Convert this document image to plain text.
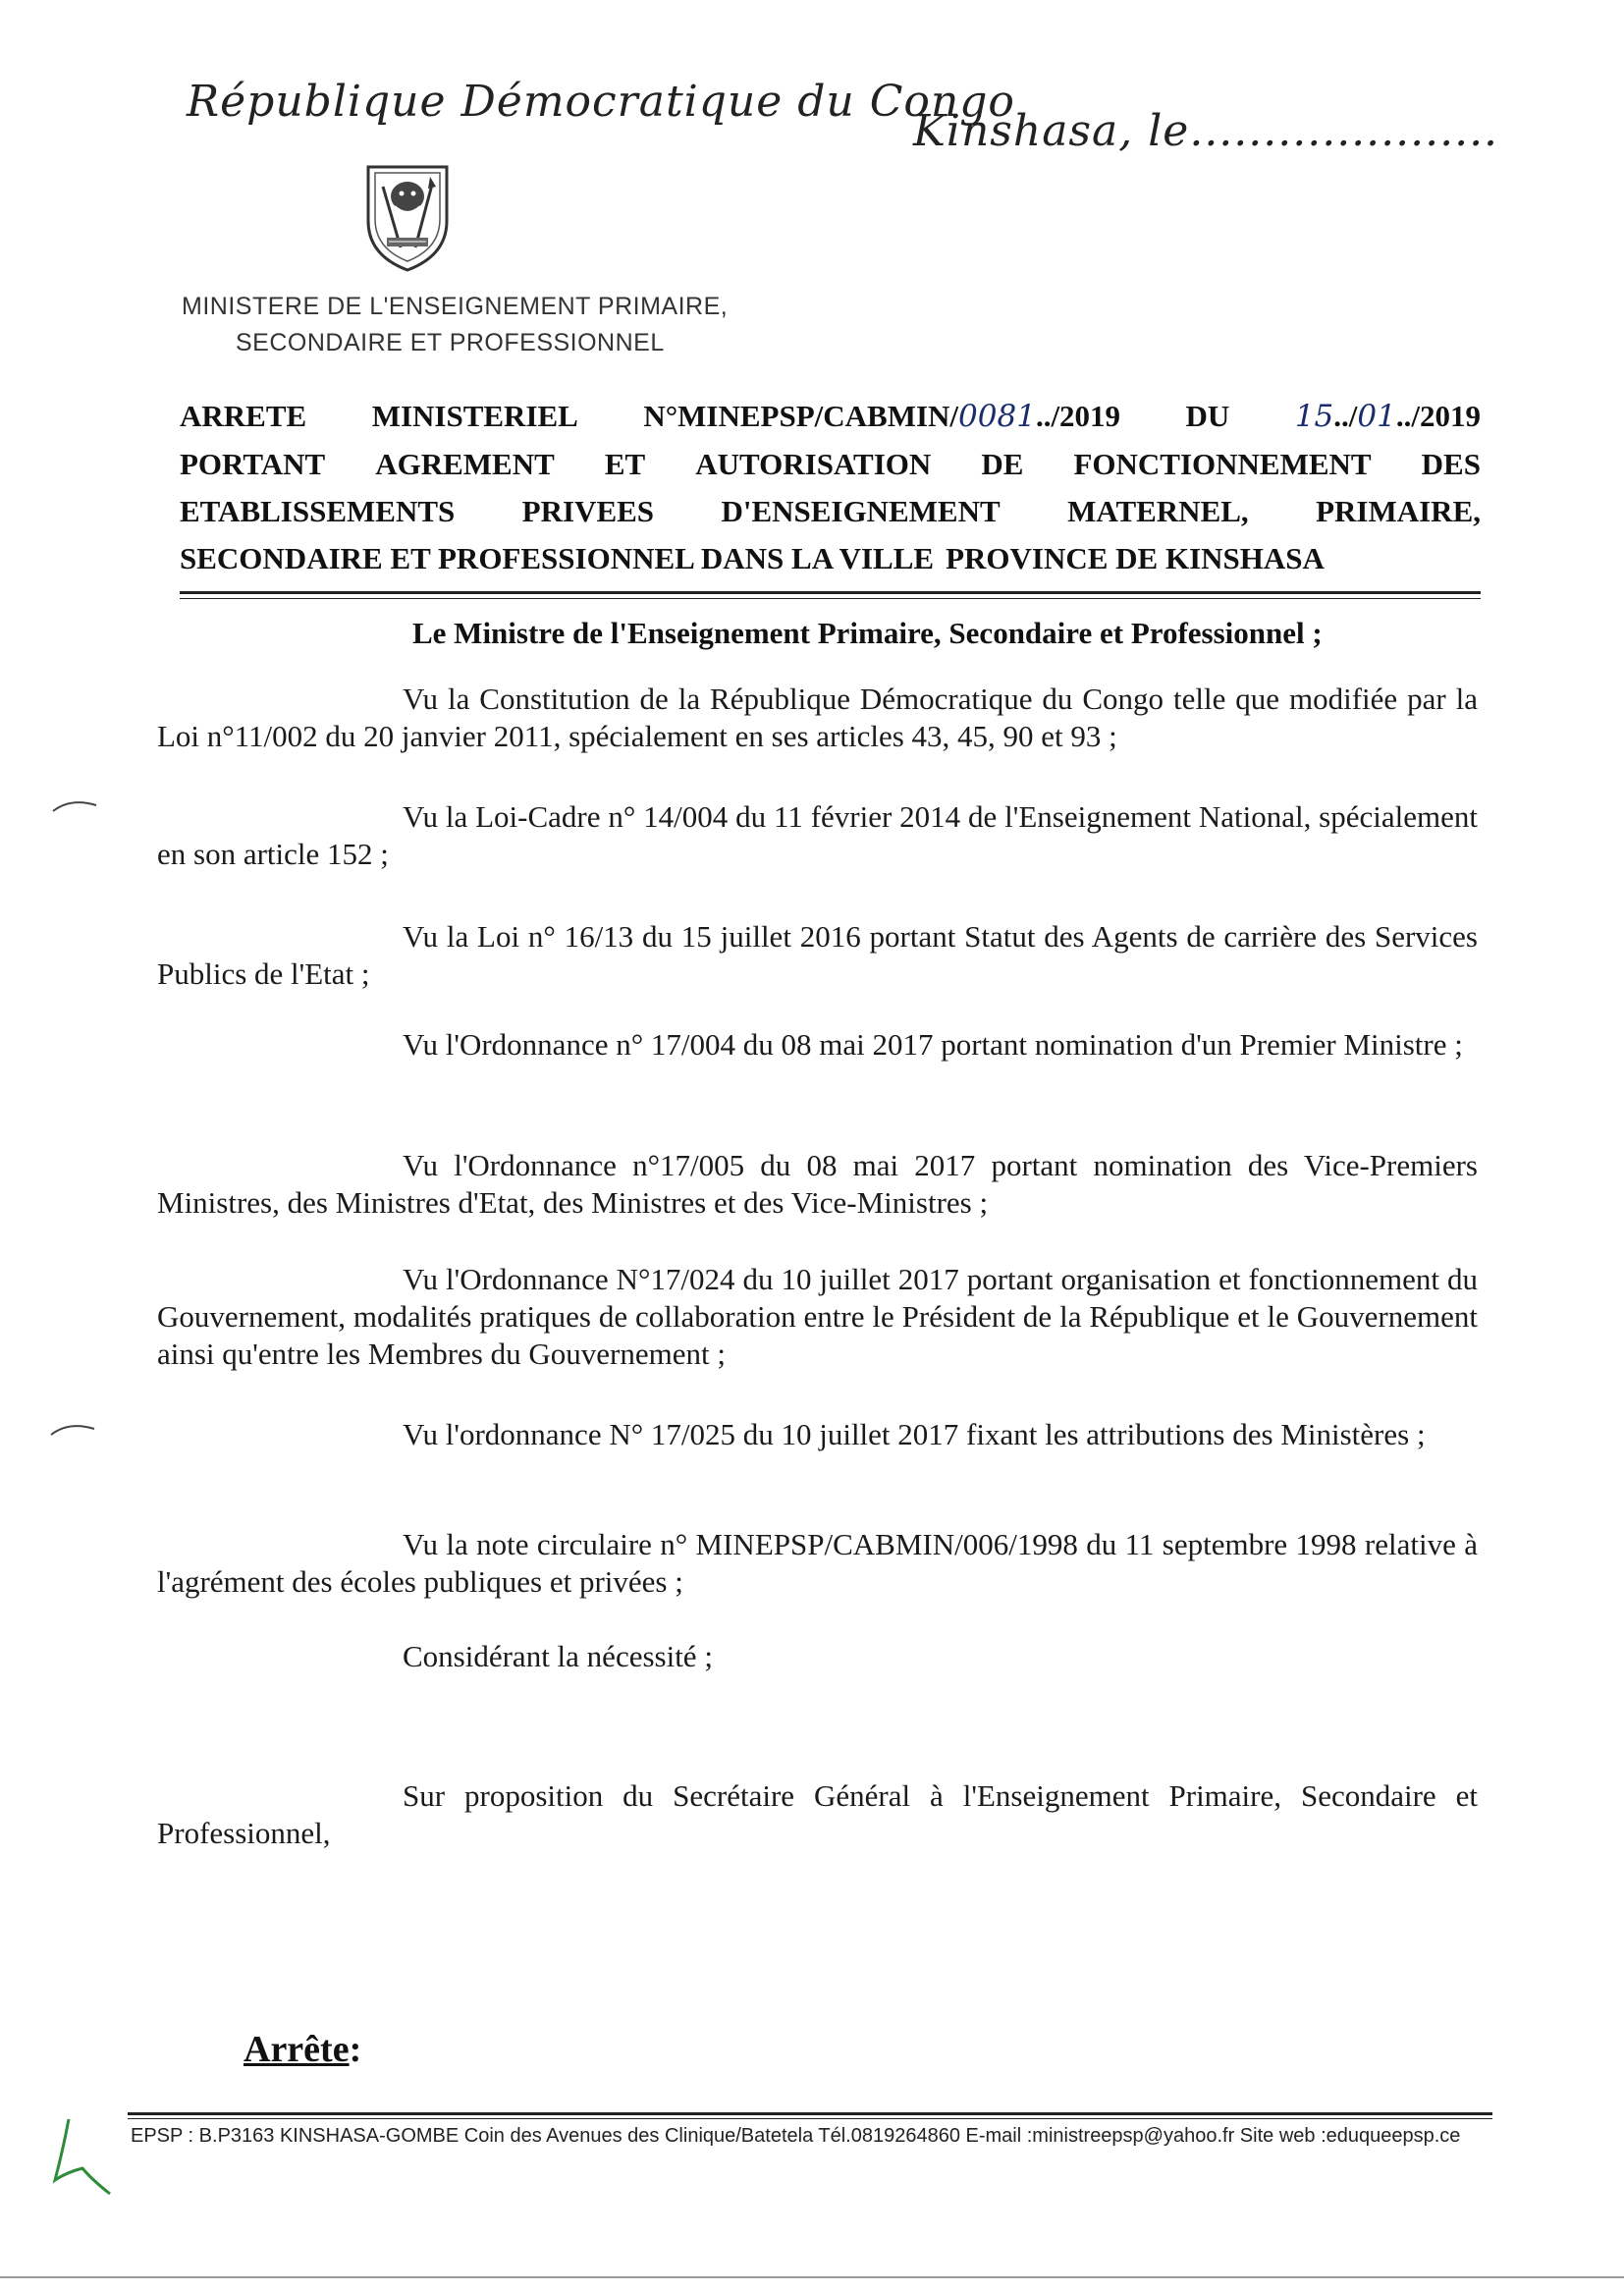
République Démocratique du Congo
Kinshasa, le.....................
MINISTERE DE L'ENSEIGNEMENT PRIMAIRE,
SECONDAIRE ET PROFESSIONNEL
ARRETE MINISTERIEL N°MINEPSP/CABMIN/0081../2019 DU 15../01../2019
PORTANT AGREMENT ET AUTORISATION DE FONCTIONNEMENT DES
ETABLISSEMENTS PRIVEES D'ENSEIGNEMENT MATERNEL, PRIMAIRE,
SECONDAIRE ET PROFESSIONNEL DANS LA VILLE PROVINCE DE KINSHASA
Le Ministre de l'Enseignement Primaire, Secondaire et Professionnel ;
Vu la Constitution de la République Démocratique du Congo telle que modifiée par la Loi n°11/002 du 20 janvier 2011, spécialement en ses articles 43, 45, 90 et 93 ;
Vu la Loi-Cadre n° 14/004 du 11 février 2014 de l'Enseignement National, spécialement en son article 152 ;
Vu la Loi n° 16/13 du 15 juillet 2016 portant Statut des Agents de carrière des Services Publics de l'Etat ;
Vu l'Ordonnance n° 17/004 du 08 mai 2017 portant nomination d'un Premier Ministre ;
Vu l'Ordonnance n°17/005 du 08 mai 2017 portant nomination des Vice-Premiers Ministres, des Ministres d'Etat, des Ministres et des Vice-Ministres ;
Vu l'Ordonnance N°17/024 du 10 juillet 2017 portant organisation et fonctionnement du Gouvernement, modalités pratiques de collaboration entre le Président de la République et le Gouvernement ainsi qu'entre les Membres du Gouvernement ;
Vu l'ordonnance N° 17/025 du 10 juillet 2017 fixant les attributions des Ministères ;
Vu la note circulaire n° MINEPSP/CABMIN/006/1998 du 11 septembre 1998 relative à l'agrément des écoles publiques et privées ;
Considérant la nécessité ;
Sur proposition du Secrétaire Général à l'Enseignement Primaire, Secondaire et Professionnel,
Arrête:
EPSP : B.P3163 KINSHASA-GOMBE Coin des Avenues des Clinique/Batetela Tél.0819264860 E-mail :ministreepsp@yahoo.fr Site web :eduqueepsp.ce
